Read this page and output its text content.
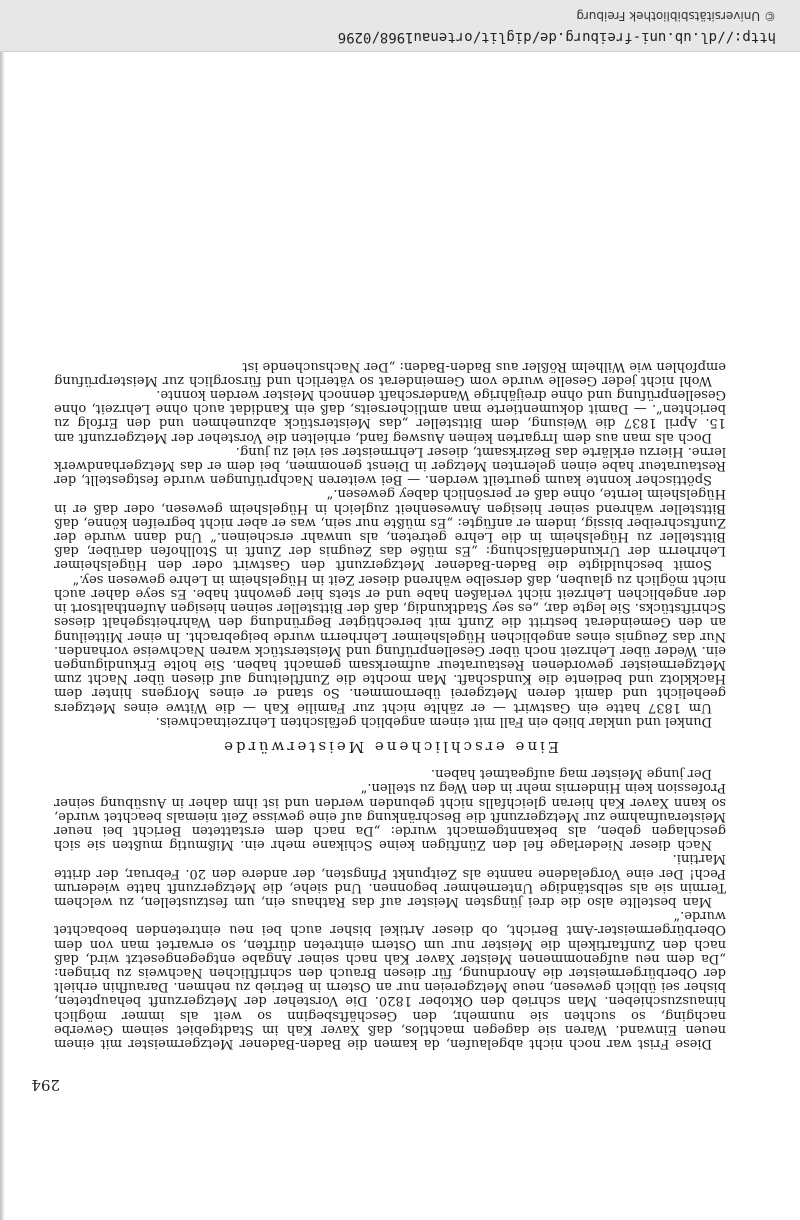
Diese Frist war noch nicht abgelaufen, da kamen die Baden-Badener Metzgermeister mit einem neuen Einwand. Waren sie dagegen machtlos, daß Xaver Kah im Stadtgebiet seinem Gewerbe nachging, so suchten sie nunmehr, den Geschäftsbeginn so weit als immer möglich hinauszuschieben. Man schrieb den Oktober 1820. Die Vorsteher der Metzgerzunft behaupteten, bisher sei üblich gewesen, neue Metzgereien nur an Ostern in Betrieb zu nehmen. Daraufhin erhielt der Oberbürgermeister die Anordnung, für diesen Brauch den schriftlichen Nachweis zu bringen: „Da dem neu aufgenommenen Meister Xaver Kah nach seiner Angabe entgegengesetzt wird, daß nach den Zunftartikeln die Meister nur um Ostern eintreten dürften, so erwartet man von dem Oberbürgermeister-Amt Bericht, ob dieser Artikel bisher auch bei neu eintretenden beobachtet wurde.“

Man bestellte also die drei jüngsten Meister auf das Rathaus ein, um festzustellen, zu welchem Termin sie als selbständige Unternehmer begonnen. Und siehe, die Metzgerzunft hatte wiederum Pech! Der eine Vorgeladene nannte als Zeitpunkt Pfingsten, der andere den 20. Februar, der dritte Martini.

Nach dieser Niederlage fiel den Zünftigen keine Schikane mehr ein. Mißmutig mußten sie sich geschlagen geben, als bekanntgemacht wurde: „Da nach dem erstatteten Bericht bei neuer Meisteraufnahme zur Metzgerzunft die Beschränkung auf eine gewisse Zeit niemals beachtet wurde, so kann Xaver Kah hieran gleichfalls nicht gebunden werden und ist ihm daher in Ausübung seiner Profession kein Hindernis mehr in den Weg zu stellen.“

Der junge Meister mag aufgeatmet haben.

Eine erschlichene Meisterwürde

Dunkel und unklar blieb ein Fall mit einem angeblich gefälschten Lehrzeitnachweis.

Um 1837 hatte ein Gastwirt — er zählte nicht zur Familie Kah — die Witwe eines Metzgers geehelicht und damit deren Metzgerei übernommen. So stand er eines Morgens hinter dem Hackklotz und bediente die Kundschaft. Man mochte die Zunftleitung auf diesen über Nacht zum Metzgermeister gewordenen Restaurateur aufmerksam gemacht haben. Sie holte Erkundigungen ein. Weder über Lehrzeit noch über Gesellenprüfung und Meisterstück waren Nachweise vorhanden. Nur das Zeugnis eines angeblichen Hügelsheimer Lehrherrn wurde beigebracht. In einer Mitteilung an den Gemeinderat bestritt die Zunft mit berechtigter Begründung den Wahrheitsgehalt dieses Schriftstücks. Sie legte dar, „es sey Stadtkundig, daß der Bittsteller seinen hiesigen Aufenthaltsort in der angeblichen Lehrzeit nicht verlaßen habe und er stets hier gewohnt habe. Es seye daher auch nicht möglich zu glauben, daß derselbe während dieser Zeit in Hügelsheim in Lehre gewesen sey.“

Somit beschuldigte die Baden-Badener Metzgerzunft den Gastwirt oder den Hügelsheimer Lehrherrn der Urkundenfälschung: „Es müße das Zeugnis der Zunft in Stollhofen darüber, daß Bittsteller zu Hügelsheim in die Lehre getreten, als unwahr erscheinen.“ Und dann wurde der Zunftschreiber bissig, indem er anfügte: „Es müßte nur sein, was er aber nicht begreifen könne, daß Bittsteller während seiner hiesigen Anwesenheit zugleich in Hügelsheim gewesen, oder daß er in Hügelsheim lernte, ohne daß er persönlich dabey gewesen.“

Spöttischer konnte kaum geurteilt werden. — Bei weiteren Nachprüfungen wurde festgestellt, der Restaurateur habe einen gelernten Metzger in Dienst genommen, bei dem er das Metzgerhandwerk lerne. Hierzu erklärte das Bezirksamt, dieser Lehrmeister sei viel zu jung.

Doch als man aus dem Irrgarten keinen Ausweg fand, erhielten die Vorsteher der Metzgerzunft am 15. April 1837 die Weisung, dem Bittsteller „das Meisterstück abzunehmen und den Erfolg zu berichten“. — Damit dokumentierte man amtlicherseits, daß ein Kandidat auch ohne Lehrzeit, ohne Gesellenprüfung und ohne dreijährige Wanderschaft dennoch Meister werden konnte.

Wohl nicht jeder Geselle wurde vom Gemeinderat so väterlich und fürsorglich zur Meisterprüfung empfohlen wie Wilhelm Rößler aus Baden-Baden: „Der Nachsuchende ist

294
http://dl.ub.uni-freiburg.de/diglit/ortenau1968/0296
© Universitätsbibliothek Freiburg
